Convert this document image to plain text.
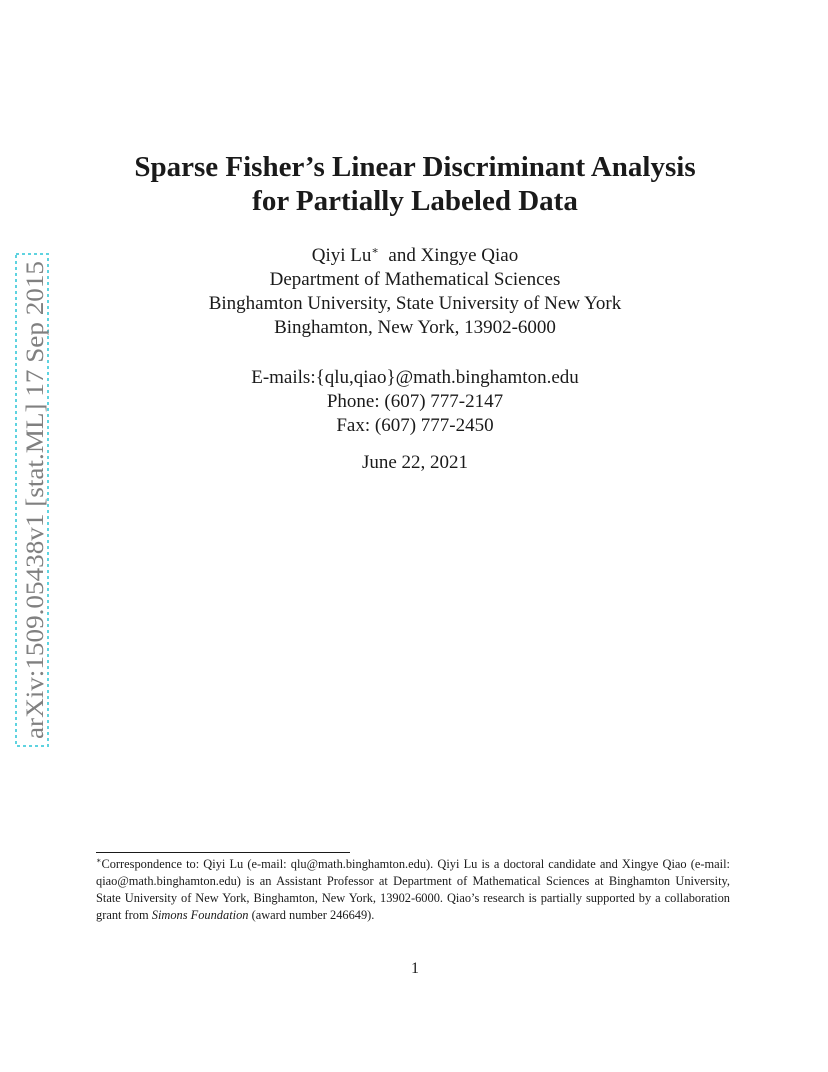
arXiv:1509.05438v1 [stat.ML] 17 Sep 2015
Sparse Fisher’s Linear Discriminant Analysis
for Partially Labeled Data
Qiyi Lu∗  and Xingye Qiao
Department of Mathematical Sciences
Binghamton University, State University of New York
Binghamton, New York, 13902-6000
E-mails:{qlu,qiao}@math.binghamton.edu
Phone: (607) 777-2147
Fax: (607) 777-2450
June 22, 2021
∗Correspondence to: Qiyi Lu (e-mail: qlu@math.binghamton.edu). Qiyi Lu is a doctoral candidate and Xingye Qiao (e-mail: qiao@math.binghamton.edu) is an Assistant Professor at Department of Mathematical Sciences at Binghamton University, State University of New York, Binghamton, New York, 13902-6000. Qiao’s research is partially supported by a collaboration grant from Simons Foundation (award number 246649).
1
